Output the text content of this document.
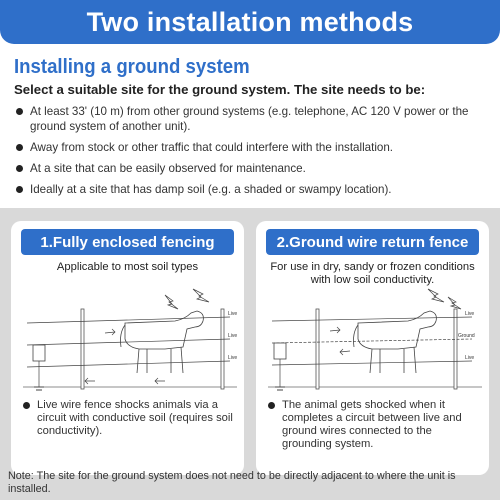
Two installation methods
Installing a ground system
Select a suitable site for the ground system. The site needs to be:
At least 33' (10 m) from other ground systems (e.g. telephone, AC 120 V power or the ground system of another unit).
Away from stock or other traffic that could interfere with the installation.
At a site that can be easily observed for maintenance.
Ideally at a site that has damp soil (e.g. a shaded or swampy location).
1.Fully enclosed fencing
Applicable to most soil types
Live
Live
Live
Live wire fence shocks animals via a circuit with conductive soil (requires soil conductivity).
2.Ground wire return fence
For use in dry, sandy or frozen conditions with low soil conductivity.
Live
Ground
Live
The animal gets shocked when it completes a circuit between live and ground wires connected to the grounding system.
Note: The site for the ground system does not need to be directly adjacent to where the unit is installed.
